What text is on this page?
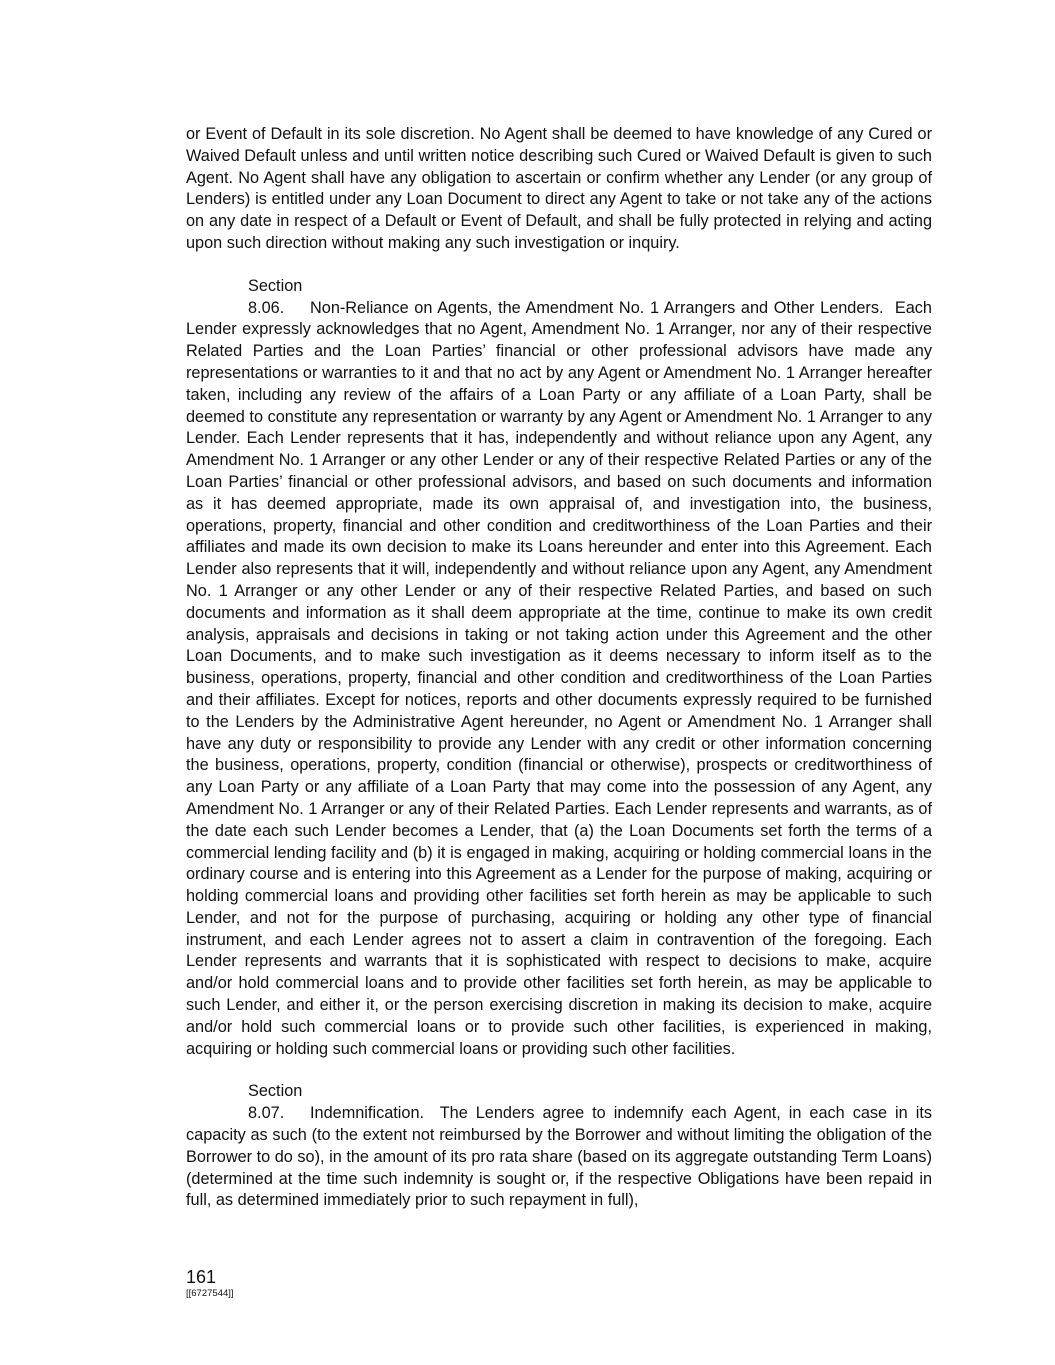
or Event of Default in its sole discretion. No Agent shall be deemed to have knowledge of any Cured or Waived Default unless and until written notice describing such Cured or Waived Default is given to such Agent. No Agent shall have any obligation to ascertain or confirm whether any Lender (or any group of Lenders) is entitled under any Loan Document to direct any Agent to take or not take any of the actions on any date in respect of a Default or Event of Default, and shall be fully protected in relying and acting upon such direction without making any such investigation or inquiry.

Section 8.06. Non-Reliance on Agents, the Amendment No. 1 Arrangers and Other Lenders. Each Lender expressly acknowledges that no Agent, Amendment No. 1 Arranger, nor any of their respective Related Parties and the Loan Parties’ financial or other professional advisors have made any representations or warranties to it and that no act by any Agent or Amendment No. 1 Arranger hereafter taken, including any review of the affairs of a Loan Party or any affiliate of a Loan Party, shall be deemed to constitute any representation or warranty by any Agent or Amendment No. 1 Arranger to any Lender. Each Lender represents that it has, independently and without reliance upon any Agent, any Amendment No. 1 Arranger or any other Lender or any of their respective Related Parties or any of the Loan Parties’ financial or other professional advisors, and based on such documents and information as it has deemed appropriate, made its own appraisal of, and investigation into, the business, operations, property, financial and other condition and creditworthiness of the Loan Parties and their affiliates and made its own decision to make its Loans hereunder and enter into this Agreement. Each Lender also represents that it will, independently and without reliance upon any Agent, any Amendment No. 1 Arranger or any other Lender or any of their respective Related Parties, and based on such documents and information as it shall deem appropriate at the time, continue to make its own credit analysis, appraisals and decisions in taking or not taking action under this Agreement and the other Loan Documents, and to make such investigation as it deems necessary to inform itself as to the business, operations, property, financial and other condition and creditworthiness of the Loan Parties and their affiliates. Except for notices, reports and other documents expressly required to be furnished to the Lenders by the Administrative Agent hereunder, no Agent or Amendment No. 1 Arranger shall have any duty or responsibility to provide any Lender with any credit or other information concerning the business, operations, property, condition (financial or otherwise), prospects or creditworthiness of any Loan Party or any affiliate of a Loan Party that may come into the possession of any Agent, any Amendment No. 1 Arranger or any of their Related Parties. Each Lender represents and warrants, as of the date each such Lender becomes a Lender, that (a) the Loan Documents set forth the terms of a commercial lending facility and (b) it is engaged in making, acquiring or holding commercial loans in the ordinary course and is entering into this Agreement as a Lender for the purpose of making, acquiring or holding commercial loans and providing other facilities set forth herein as may be applicable to such Lender, and not for the purpose of purchasing, acquiring or holding any other type of financial instrument, and each Lender agrees not to assert a claim in contravention of the foregoing. Each Lender represents and warrants that it is sophisticated with respect to decisions to make, acquire and/or hold commercial loans and to provide other facilities set forth herein, as may be applicable to such Lender, and either it, or the person exercising discretion in making its decision to make, acquire and/or hold such commercial loans or to provide such other facilities, is experienced in making, acquiring or holding such commercial loans or providing such other facilities.

Section 8.07. Indemnification. The Lenders agree to indemnify each Agent, in each case in its capacity as such (to the extent not reimbursed by the Borrower and without limiting the obligation of the Borrower to do so), in the amount of its pro rata share (based on its aggregate outstanding Term Loans) (determined at the time such indemnity is sought or, if the respective Obligations have been repaid in full, as determined immediately prior to such repayment in full),

161
[[6727544]]
